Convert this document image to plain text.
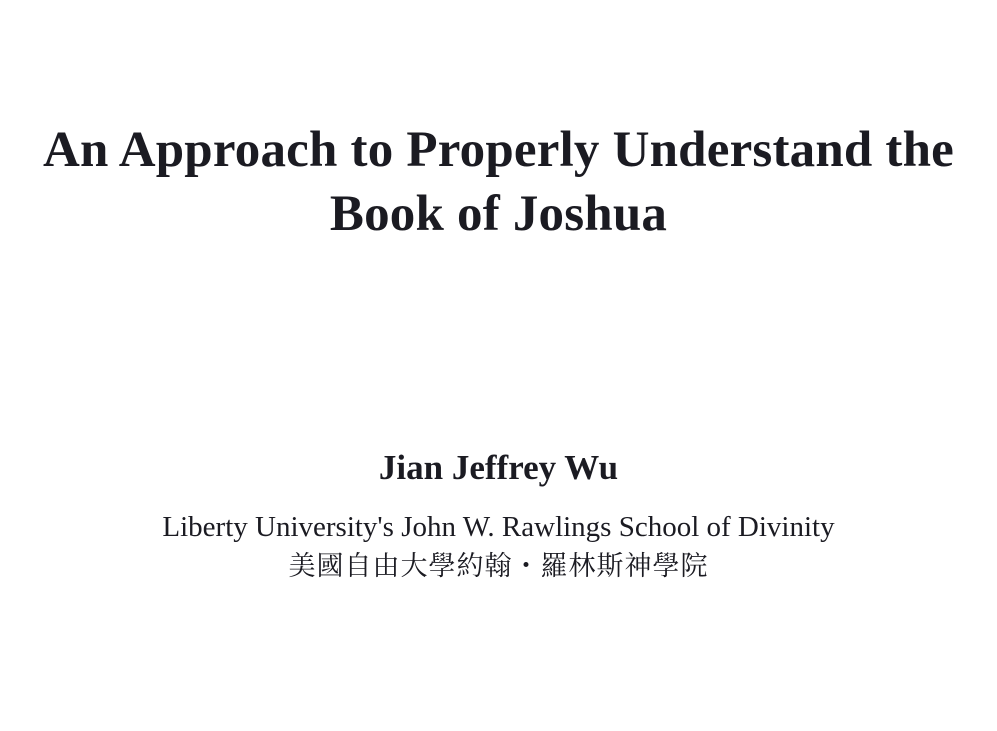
An Approach to Properly Understand the Book of Joshua
Jian Jeffrey Wu
Liberty University's John W. Rawlings School of Divinity
美國自由大學約翰・羅林斯神學院
